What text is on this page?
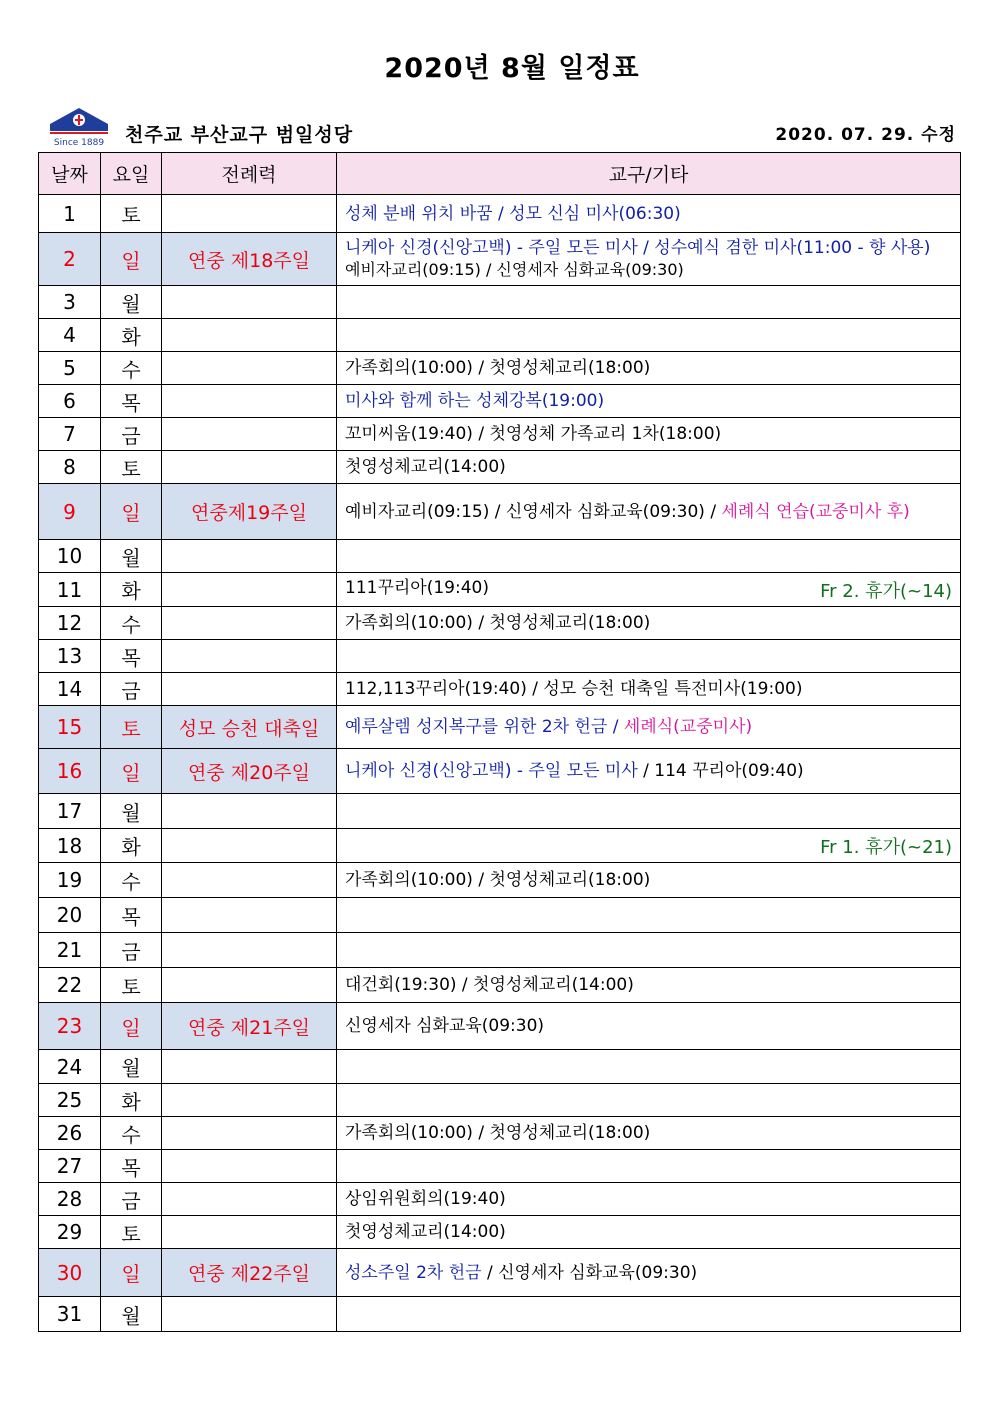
2020년 8월 일정표
Since 1889 천주교 부산교구 범일성당	2020. 07. 29. 수정
날짜	요일	전례력	교구/기타
1	토		성체 분배 위치 바꿈 / 성모 신심 미사(06:30)

2	일	연중 제18주일	니케아 신경(신앙고백) - 주일 모든 미사 / 성수예식 겸한 미사(11:00 - 향 사용)
예비자교리(09:15) / 신영세자 심화교육(09:30)

3	월		
4	화		
5	수		가족회의(10:00) / 첫영성체교리(18:00)

6	목		미사와 함께 하는 성체강복(19:00)

7	금		꼬미씨움(19:40) / 첫영성체 가족교리 1차(18:00)

8	토		첫영성체교리(14:00)

9	일	연중제19주일	예비자교리(09:15) / 신영세자 심화교육(09:30) / 세례식 연습(교중미사 후)

10	월		
11	화		Fr 2. 휴가(~14)
111꾸리아(19:40)

12	수		가족회의(10:00) / 첫영성체교리(18:00)

13	목		
14	금		112,113꾸리아(19:40) / 성모 승천 대축일 특전미사(19:00)

15	토	성모 승천 대축일	예루살렘 성지복구를 위한 2차 헌금 / 세례식(교중미사)

16	일	연중 제20주일	니케아 신경(신앙고백) - 주일 모든 미사 / 114 꾸리아(09:40)

17	월		
18	화		Fr 1. 휴가(~21)

19	수		가족회의(10:00) / 첫영성체교리(18:00)

20	목		
21	금		
22	토		대건회(19:30) / 첫영성체교리(14:00)

23	일	연중 제21주일	신영세자 심화교육(09:30)

24	월		
25	화		
26	수		가족회의(10:00) / 첫영성체교리(18:00)

27	목		
28	금		상임위원회의(19:40)

29	토		첫영성체교리(14:00)

30	일	연중 제22주일	성소주일 2차 헌금 / 신영세자 심화교육(09:30)

31	월		
